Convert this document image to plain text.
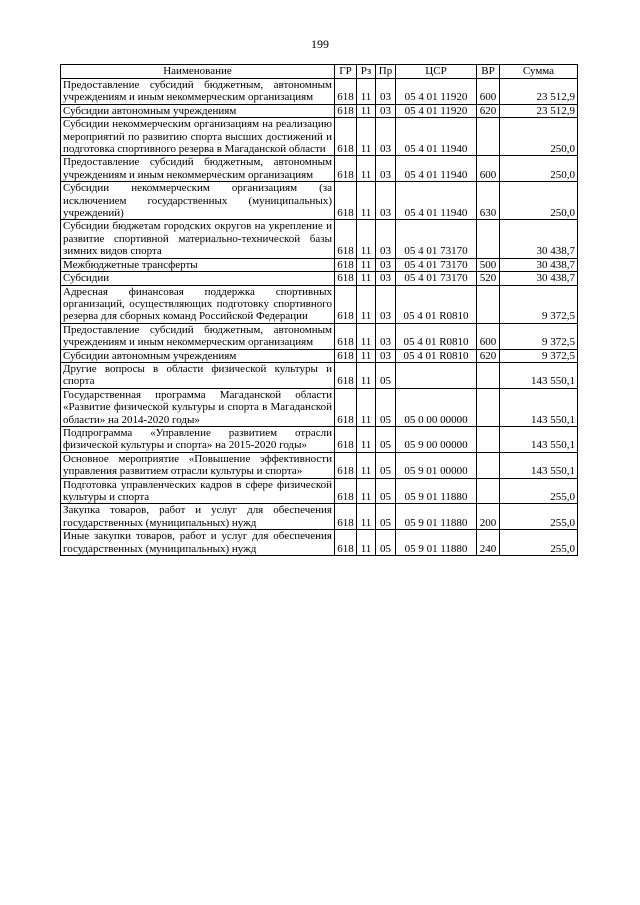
199
Наименование	ГР	Рз	Пр	ЦСР	ВР	Сумма
Предоставление субсидий бюджетным, автономным учреждениям и иным некоммерческим организациям	618	11	03	05 4 01 11920	600	23 512,9
Субсидии автономным учреждениям	618	11	03	05 4 01 11920	620	23 512,9
Субсидии некоммерческим организациям на реализацию мероприятий по развитию спорта высших достижений и подготовка спортивного резерва в Магаданской области	618	11	03	05 4 01 11940		250,0
Предоставление субсидий бюджетным, автономным учреждениям и иным некоммерческим организациям	618	11	03	05 4 01 11940	600	250,0
Субсидии некоммерческим организациям (за исключением государственных (муниципальных) учреждений)	618	11	03	05 4 01 11940	630	250,0
Субсидии бюджетам городских округов на укрепление и развитие спортивной материально-технической базы зимних видов спорта	618	11	03	05 4 01 73170		30 438,7
Межбюджетные трансферты	618	11	03	05 4 01 73170	500	30 438,7
Субсидии	618	11	03	05 4 01 73170	520	30 438,7
Адресная финансовая поддержка спортивных организаций, осуществляющих подготовку спортивного резерва для сборных команд Российской Федерации	618	11	03	05 4 01 R0810		9 372,5
Предоставление субсидий бюджетным, автономным учреждениям и иным некоммерческим организациям	618	11	03	05 4 01 R0810	600	9 372,5
Субсидии автономным учреждениям	618	11	03	05 4 01 R0810	620	9 372,5
Другие вопросы в области физической культуры и спорта	618	11	05			143 550,1
Государственная программа Магаданской области «Развитие физической культуры и спорта в Магаданской области» на 2014-2020 годы»	618	11	05	05 0 00 00000		143 550,1
Подпрограмма «Управление развитием отрасли физической культуры и спорта» на 2015-2020 годы»	618	11	05	05 9 00 00000		143 550,1
Основное мероприятие «Повышение эффективности управления развитием отрасли культуры и спорта»	618	11	05	05 9 01 00000		143 550,1
Подготовка управленческих кадров в сфере физической культуры и спорта	618	11	05	05 9 01 11880		255,0
Закупка товаров, работ и услуг для обеспечения государственных (муниципальных) нужд	618	11	05	05 9 01 11880	200	255,0
Иные закупки товаров, работ и услуг для обеспечения государственных (муниципальных) нужд	618	11	05	05 9 01 11880	240	255,0
